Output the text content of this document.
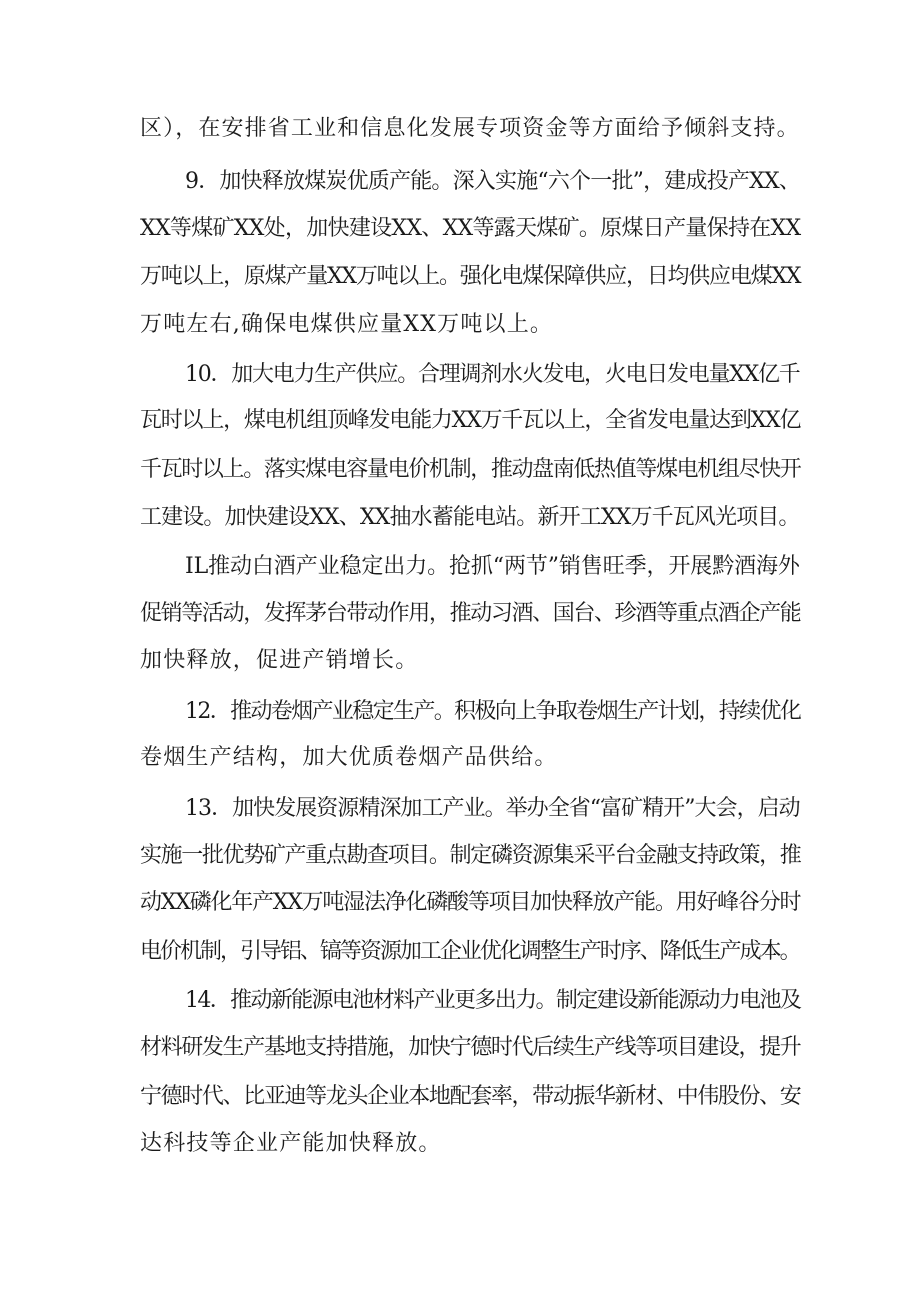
区），在安排省工业和信息化发展专项资金等方面给予倾斜支持。
9．加快释放煤炭优质产能。深入实施“六个一批”，建成投产XX、
XX等煤矿XX处，加快建设XX、XX等露天煤矿。原煤日产量保持在XX
万吨以上，原煤产量XX万吨以上。强化电煤保障供应，日均供应电煤XX
万吨左右,确保电煤供应量XX万吨以上。
10．加大电力生产供应。合理调剂水火发电，火电日发电量XX亿千
瓦时以上，煤电机组顶峰发电能力XX万千瓦以上，全省发电量达到XX亿
千瓦时以上。落实煤电容量电价机制，推动盘南低热值等煤电机组尽快开
工建设。加快建设XX、XX抽水蓄能电站。新开工XX万千瓦风光项目。
IL推动白酒产业稳定出力。抢抓“两节”销售旺季，开展黔酒海外
促销等活动，发挥茅台带动作用，推动习酒、国台、珍酒等重点酒企产能
加快释放，促进产销增长。
12．推动卷烟产业稳定生产。积极向上争取卷烟生产计划，持续优化
卷烟生产结构，加大优质卷烟产品供给。
13．加快发展资源精深加工产业。举办全省“富矿精开”大会，启动
实施一批优势矿产重点勘查项目。制定磷资源集采平台金融支持政策，推
动XX磷化年产XX万吨湿法净化磷酸等项目加快释放产能。用好峰谷分时
电价机制，引导铝、镐等资源加工企业优化调整生产时序、降低生产成本。
14．推动新能源电池材料产业更多出力。制定建设新能源动力电池及
材料研发生产基地支持措施，加快宁德时代后续生产线等项目建设，提升
宁德时代、比亚迪等龙头企业本地配套率，带动振华新材、中伟股份、安
达科技等企业产能加快释放。
